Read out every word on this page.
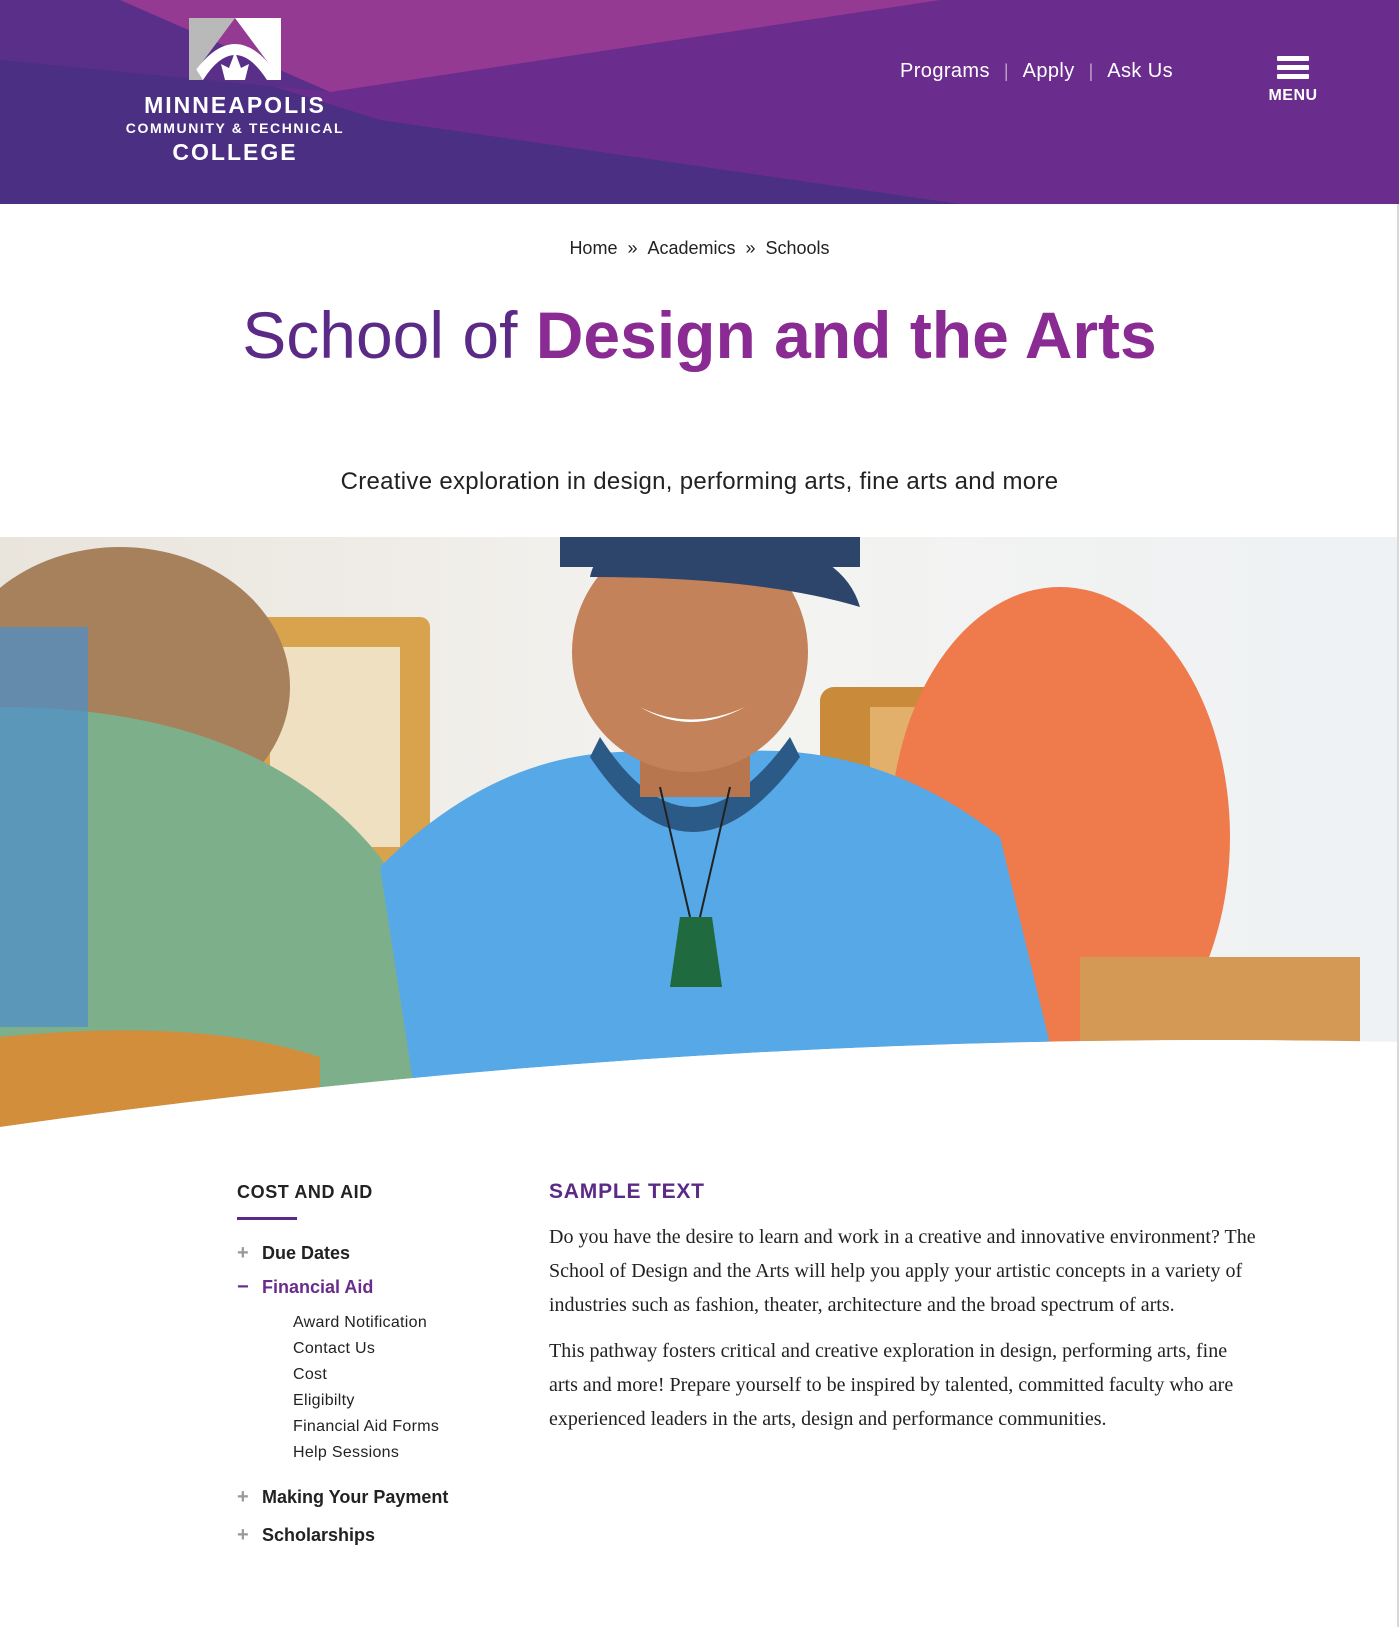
MINNEAPOLIS
COMMUNITY & TECHNICAL
COLLEGE
Programs | Apply | Ask Us
MENU
Home » Academics » Schools
School of Design and the Arts
Creative exploration in design, performing arts, fine arts and more
COST AND AID
+ Due Dates
− Financial Aid
Award Notification
Contact Us
Cost
Eligibilty
Financial Aid Forms
Help Sessions
+ Making Your Payment
+ Scholarships
SAMPLE TEXT

Do you have the desire to learn and work in a creative and innovative environment? The School of Design and the Arts will help you apply your artistic concepts in a variety of industries such as fashion, theater, architecture and the broad spectrum of arts.

This pathway fosters critical and creative exploration in design, performing arts, fine arts and more! Prepare yourself to be inspired by talented, committed faculty who are experienced leaders in the arts, design and performance communities.
